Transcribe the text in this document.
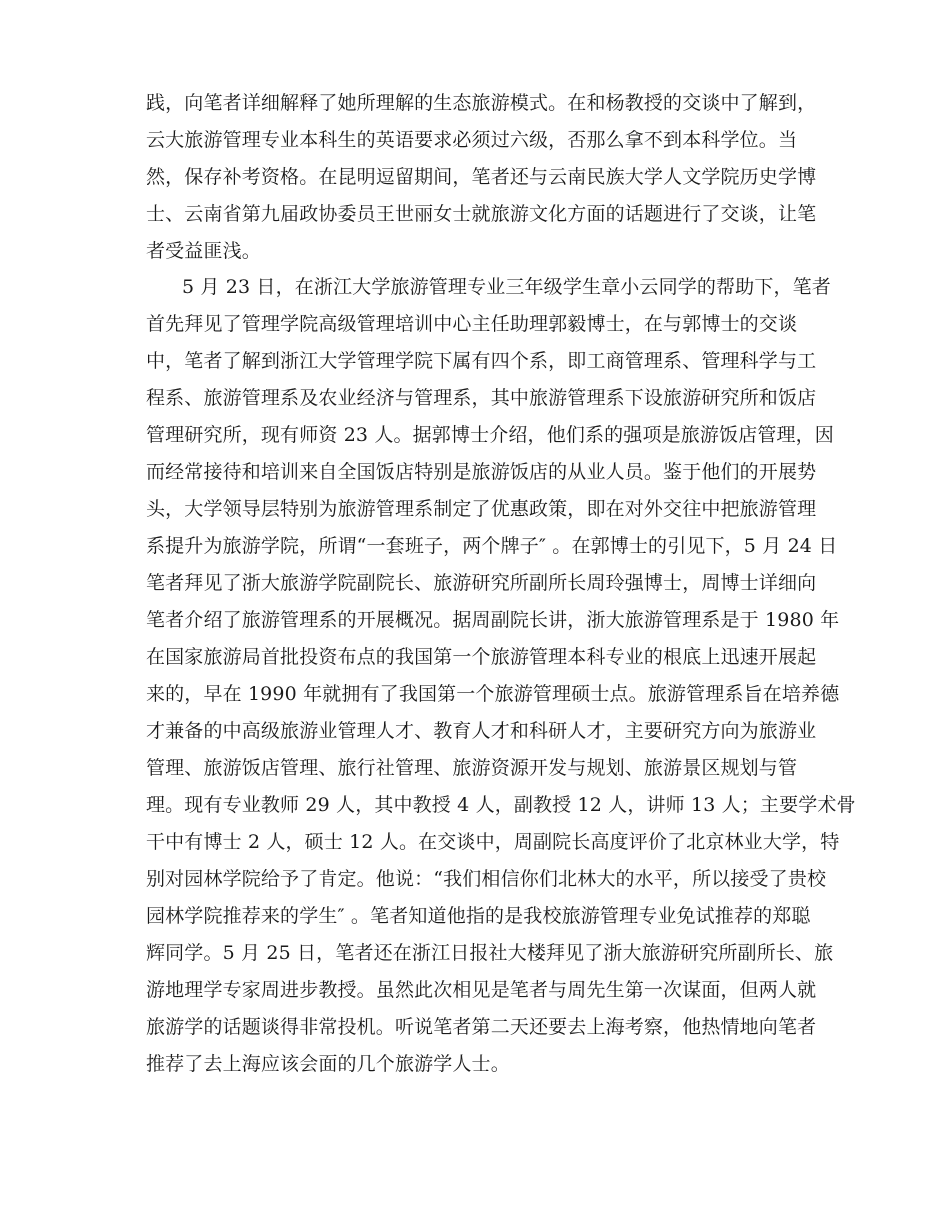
践，向笔者详细解释了她所理解的生态旅游模式。在和杨教授的交谈中了解到，
云大旅游管理专业本科生的英语要求必须过六级，否那么拿不到本科学位。当
然，保存补考资格。在昆明逗留期间，笔者还与云南民族大学人文学院历史学博
士、云南省第九届政协委员王世丽女士就旅游文化方面的话题进行了交谈，让笔
者受益匪浅。
5 月 23 日，在浙江大学旅游管理专业三年级学生章小云同学的帮助下，笔者
首先拜见了管理学院高级管理培训中心主任助理郭毅博士，在与郭博士的交谈
中，笔者了解到浙江大学管理学院下属有四个系，即工商管理系、管理科学与工
程系、旅游管理系及农业经济与管理系，其中旅游管理系下设旅游研究所和饭店
管理研究所，现有师资 23 人。据郭博士介绍，他们系的强项是旅游饭店管理，因
而经常接待和培训来自全国饭店特别是旅游饭店的从业人员。鉴于他们的开展势
头，大学领导层特别为旅游管理系制定了优惠政策，即在对外交往中把旅游管理
系提升为旅游学院，所谓“一套班子，两个牌子″ 。在郭博士的引见下，5 月 24 日
笔者拜见了浙大旅游学院副院长、旅游研究所副所长周玲强博士，周博士详细向
笔者介绍了旅游管理系的开展概况。据周副院长讲，浙大旅游管理系是于 1980 年
在国家旅游局首批投资布点的我国第一个旅游管理本科专业的根底上迅速开展起
来的，早在 1990 年就拥有了我国第一个旅游管理硕士点。旅游管理系旨在培养德
才兼备的中高级旅游业管理人才、教育人才和科研人才，主要研究方向为旅游业
管理、旅游饭店管理、旅行社管理、旅游资源开发与规划、旅游景区规划与管
理。现有专业教师 29 人，其中教授 4 人，副教授 12 人，讲师 13 人；主要学术骨
干中有博士 2 人，硕士 12 人。在交谈中，周副院长高度评价了北京林业大学，特
别对园林学院给予了肯定。他说：“我们相信你们北林大的水平，所以接受了贵校
园林学院推荐来的学生″ 。笔者知道他指的是我校旅游管理专业免试推荐的郑聪
辉同学。5 月 25 日，笔者还在浙江日报社大楼拜见了浙大旅游研究所副所长、旅
游地理学专家周进步教授。虽然此次相见是笔者与周先生第一次谋面，但两人就
旅游学的话题谈得非常投机。听说笔者第二天还要去上海考察，他热情地向笔者
推荐了去上海应该会面的几个旅游学人士。
